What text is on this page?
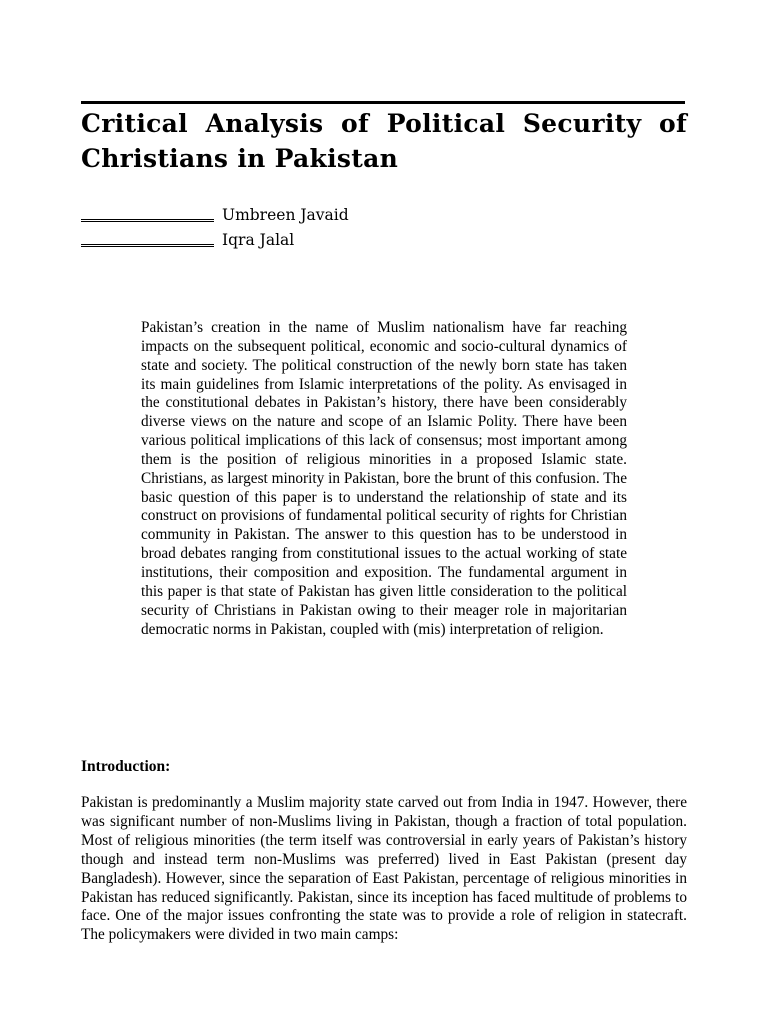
Critical Analysis of Political Security of Christians in Pakistan
Umbreen Javaid
Iqra Jalal

Pakistan’s creation in the name of Muslim nationalism have far reaching impacts on the subsequent political, economic and socio-cultural dynamics of state and society. The political construction of the newly born state has taken its main guidelines from Islamic interpretations of the polity. As envisaged in the constitutional debates in Pakistan’s history, there have been considerably diverse views on the nature and scope of an Islamic Polity. There have been various political implications of this lack of consensus; most important among them is the position of religious minorities in a proposed Islamic state. Christians, as largest minority in Pakistan, bore the brunt of this confusion. The basic question of this paper is to understand the relationship of state and its construct on provisions of fundamental political security of rights for Christian community in Pakistan. The answer to this question has to be understood in broad debates ranging from constitutional issues to the actual working of state institutions, their composition and exposition. The fundamental argument in this paper is that state of Pakistan has given little consideration to the political security of Christians in Pakistan owing to their meager role in majoritarian democratic norms in Pakistan, coupled with (mis) interpretation of religion.

Introduction:

Pakistan is predominantly a Muslim majority state carved out from India in 1947. However, there was significant number of non-Muslims living in Pakistan, though a fraction of total population. Most of religious minorities (the term itself was controversial in early years of Pakistan’s history though and instead term non-Muslims was preferred) lived in East Pakistan (present day Bangladesh). However, since the separation of East Pakistan, percentage of religious minorities in Pakistan has reduced significantly. Pakistan, since its inception has faced multitude of problems to face. One of the major issues confronting the state was to provide a role of religion in statecraft. The policymakers were divided in two main camps:
